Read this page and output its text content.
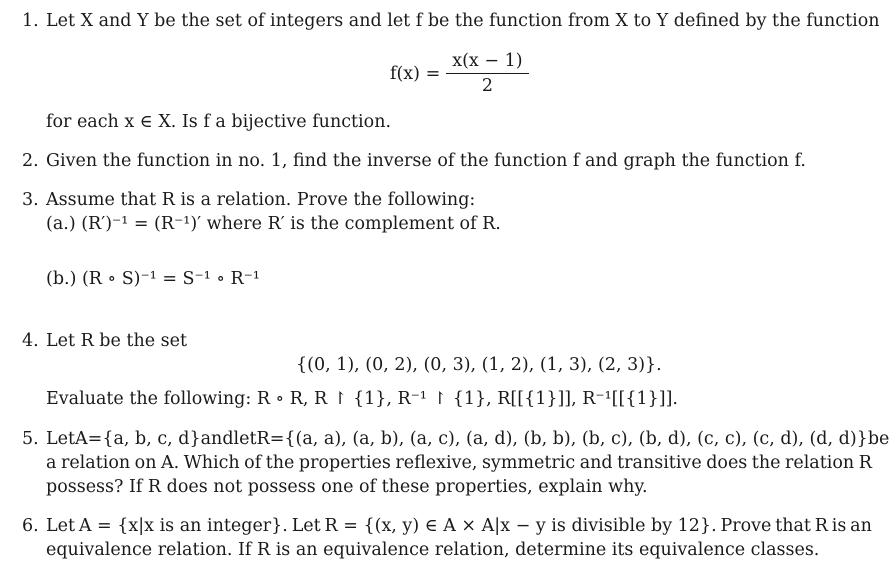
1. Let X and Y be the set of integers and let f be the function from X to Y defined by the function
$f(x) = \frac{x(x - 1)}{2}$
for each x ∈ X. Is f a bijective function.
2. Given the function in no. 1, find the inverse of the function f and graph the function f.
3. Assume that R is a relation. Prove the following:
(a.) (R′)⁻¹ = (R⁻¹)′ where R′ is the complement of R.
(b.) (R ∘ S)⁻¹ = S⁻¹ ∘ R⁻¹
4. Let R be the set
{(0, 1), (0, 2), (0, 3), (1, 2), (1, 3), (2, 3)}.
Evaluate the following: R ∘ R, R ↾ {1}, R⁻¹ ↾ {1}, R[[{1}]], R⁻¹[[{1}]].
5. Let A = {a, b, c, d} and let R = {(a, a), (a, b), (a, c), (a, d), (b, b), (b, c), (b, d), (c, c), (c, d), (d, d)} be
a relation on A. Which of the properties reflexive, symmetric and transitive does the relation R
possess? If R does not possess one of these properties, explain why.
6. Let A = {x|x is an integer}. Let R = {(x, y) ∈ A × A|x − y is divisible by 12}. Prove that R is an
equivalence relation. If R is an equivalence relation, determine its equivalence classes.
